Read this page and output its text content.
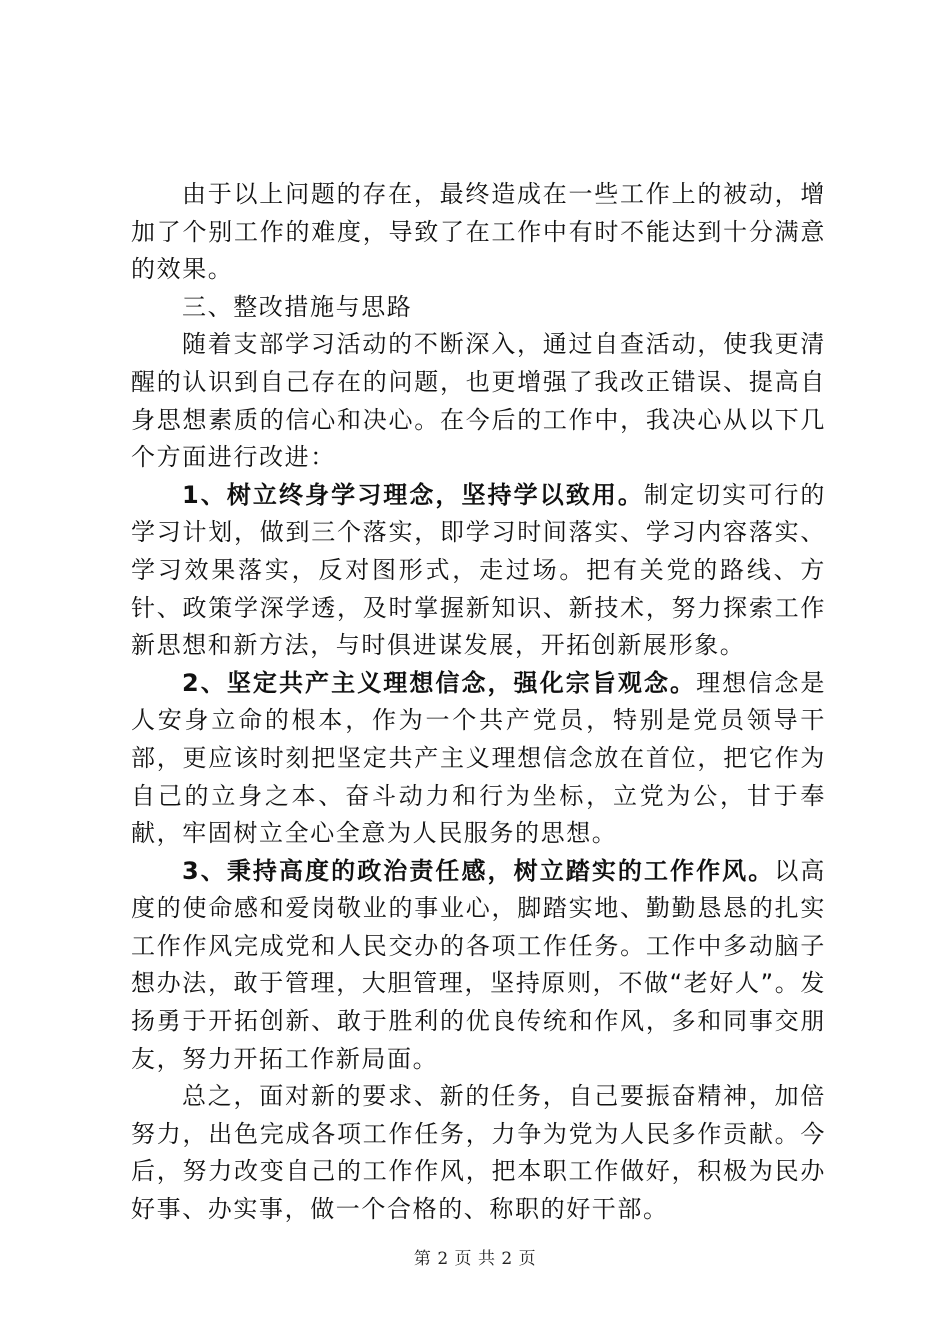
由于以上问题的存在，最终造成在一些工作上的被动，增加了个别工作的难度，导致了在工作中有时不能达到十分满意的效果。

三、整改措施与思路

随着支部学习活动的不断深入，通过自查活动，使我更清醒的认识到自己存在的问题，也更增强了我改正错误、提高自身思想素质的信心和决心。在今后的工作中，我决心从以下几个方面进行改进：

1、树立终身学习理念，坚持学以致用。制定切实可行的学习计划，做到三个落实，即学习时间落实、学习内容落实、学习效果落实，反对图形式，走过场。把有关党的路线、方针、政策学深学透，及时掌握新知识、新技术，努力探索工作新思想和新方法，与时俱进谋发展，开拓创新展形象。

2、坚定共产主义理想信念，强化宗旨观念。理想信念是人安身立命的根本，作为一个共产党员，特别是党员领导干部，更应该时刻把坚定共产主义理想信念放在首位，把它作为自己的立身之本、奋斗动力和行为坐标，立党为公，甘于奉献，牢固树立全心全意为人民服务的思想。

3、秉持高度的政治责任感，树立踏实的工作作风。以高度的使命感和爱岗敬业的事业心，脚踏实地、勤勤恳恳的扎实工作作风完成党和人民交办的各项工作任务。工作中多动脑子想办法，敢于管理，大胆管理，坚持原则，不做“老好人”。发扬勇于开拓创新、敢于胜利的优良传统和作风，多和同事交朋友，努力开拓工作新局面。

总之，面对新的要求、新的任务，自己要振奋精神，加倍努力，出色完成各项工作任务，力争为党为人民多作贡献。今后，努力改变自己的工作作风，把本职工作做好，积极为民办好事、办实事，做一个合格的、称职的好干部。

第 2 页 共 2 页
